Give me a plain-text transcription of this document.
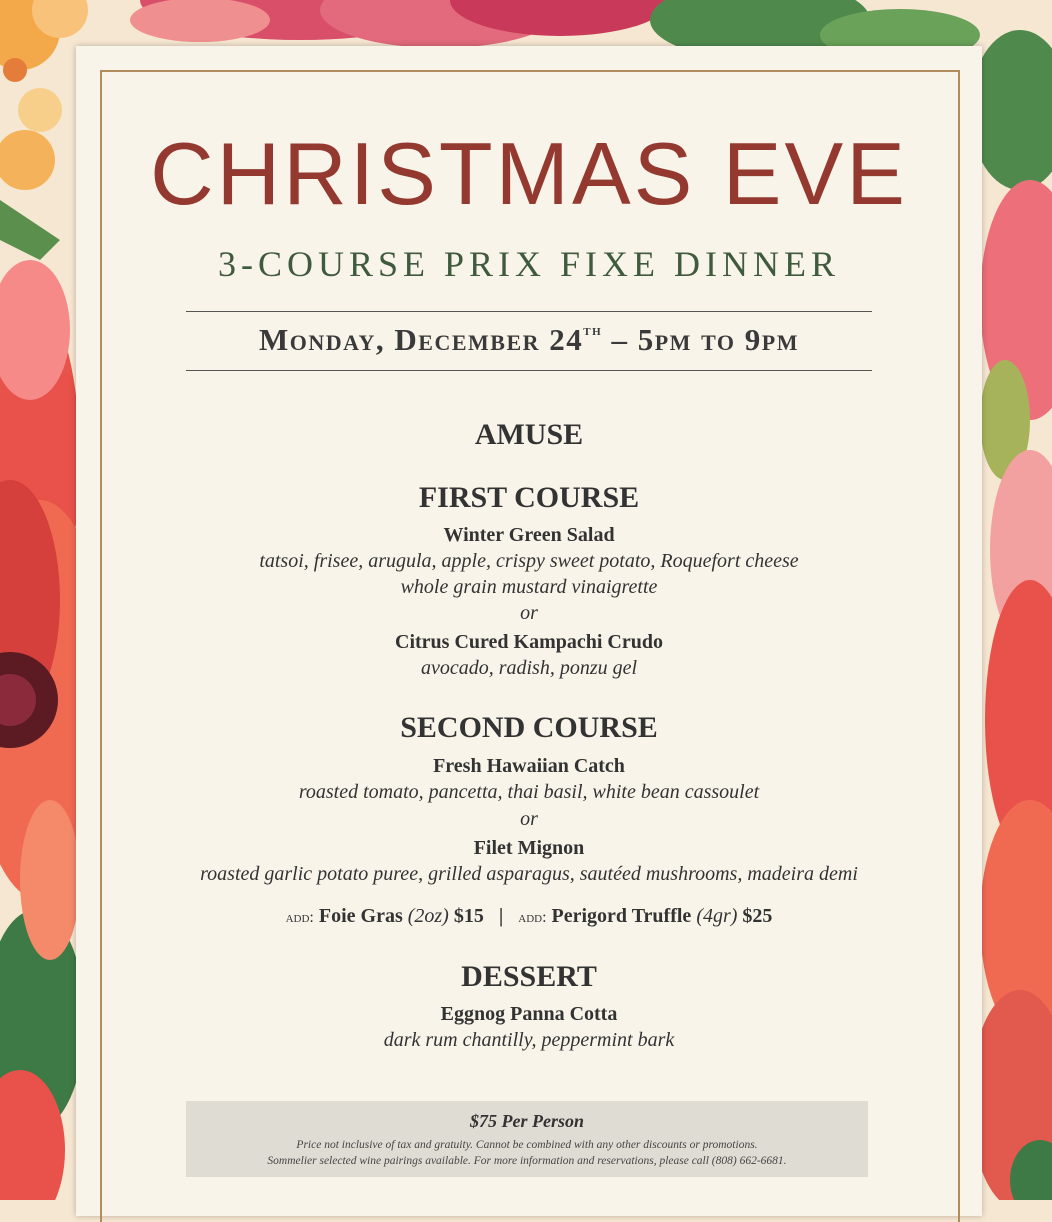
CHRISTMAS EVE
3-COURSE PRIX FIXE DINNER
Monday, December 24th – 5pm to 9pm
AMUSE
FIRST COURSE
Winter Green Salad
tatsoi, frisee, arugula, apple, crispy sweet potato, Roquefort cheese
whole grain mustard vinaigrette
or
Citrus Cured Kampachi Crudo
avocado, radish, ponzu gel
SECOND COURSE
Fresh Hawaiian Catch
roasted tomato, pancetta, thai basil, white bean cassoulet
or
Filet Mignon
roasted garlic potato puree, grilled asparagus, sautéed mushrooms, madeira demi
add: Foie Gras (2oz) $15 | add: Perigord Truffle (4gr) $25
DESSERT
Eggnog Panna Cotta
dark rum chantilly, peppermint bark
$75 Per Person
Price not inclusive of tax and gratuity. Cannot be combined with any other discounts or promotions.
Sommelier selected wine pairings available. For more information and reservations, please call (808) 662-6681.
